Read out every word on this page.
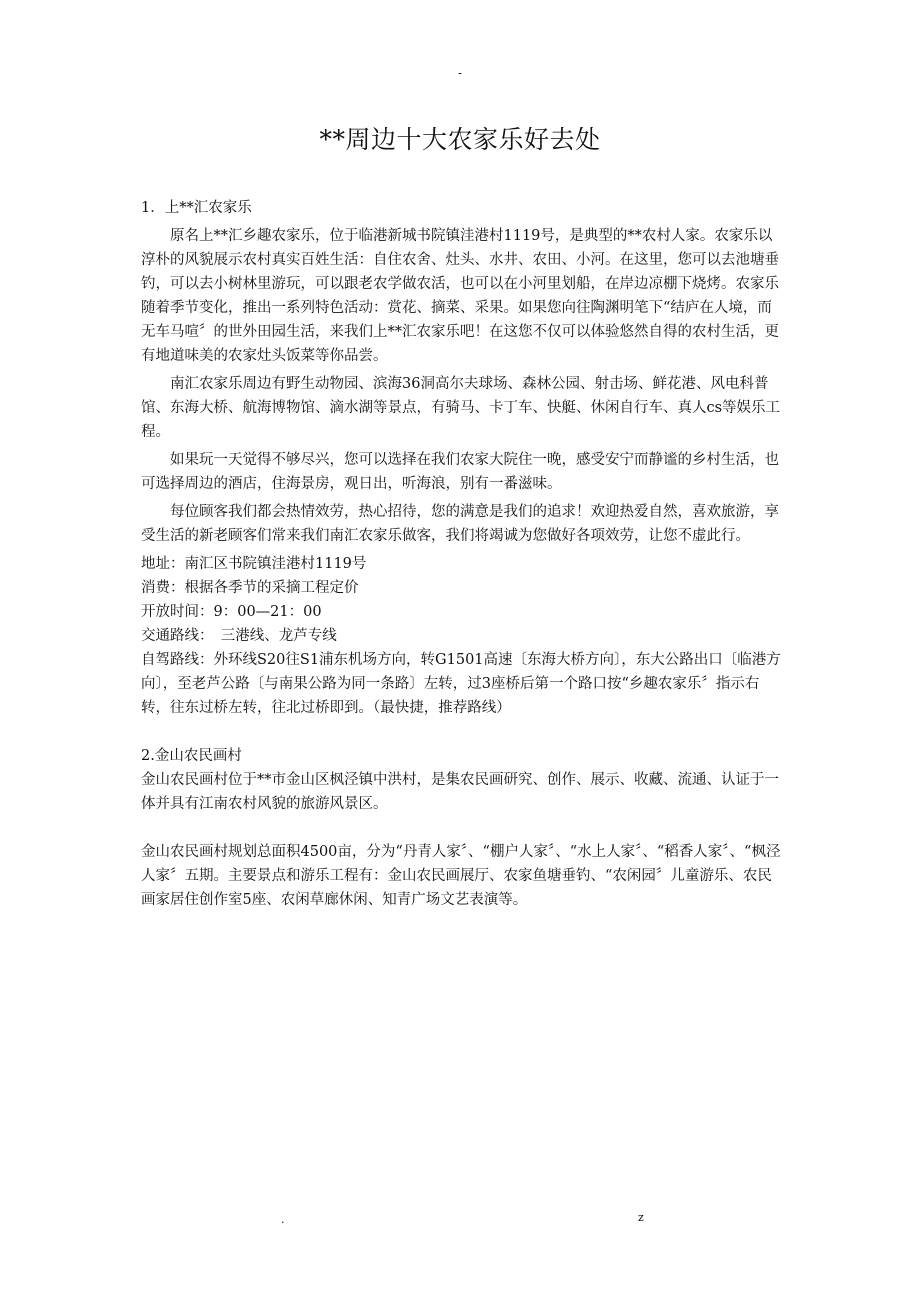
-
**周边十大农家乐好去处

1．上**汇农家乐

原名上**汇乡趣农家乐，位于临港新城书院镇洼港村1119号，是典型的**农村人家。农家乐以淳朴的风貌展示农村真实百姓生活：自住农舍、灶头、水井、农田、小河。在这里，您可以去池塘垂钓，可以去小树林里游玩，可以跟老农学做农活，也可以在小河里划船，在岸边凉棚下烧烤。农家乐随着季节变化，推出一系列特色活动：赏花、摘菜、采果。如果您向往陶渊明笔下“结庐在人境，而无车马喧〞的世外田园生活，来我们上**汇农家乐吧！在这您不仅可以体验悠然自得的农村生活，更有地道味美的农家灶头饭菜等你品尝。

南汇农家乐周边有野生动物园、滨海36洞高尔夫球场、森林公园、射击场、鲜花港、风电科普馆、东海大桥、航海博物馆、滴水湖等景点，有骑马、卡丁车、快艇、休闲自行车、真人cs等娱乐工程。

如果玩一天觉得不够尽兴，您可以选择在我们农家大院住一晚，感受安宁而静谧的乡村生活，也可选择周边的酒店，住海景房，观日出，听海浪，别有一番滋味。

每位顾客我们都会热情效劳，热心招待，您的满意是我们的追求！欢迎热爱自然，喜欢旅游，享受生活的新老顾客们常来我们南汇农家乐做客，我们将竭诚为您做好各项效劳，让您不虚此行。

地址：南汇区书院镇洼港村1119号

消费：根据各季节的采摘工程定价

开放时间：9：00—21：00

交通路线：　三港线、龙芦专线

自驾路线：外环线S20往S1浦东机场方向，转G1501高速〔东海大桥方向〕，东大公路出口〔临港方向〕，至老芦公路〔与南果公路为同一条路〕左转，过3座桥后第一个路口按“乡趣农家乐〞指示右转，往东过桥左转，往北过桥即到。（最快捷，推荐路线）

2.金山农民画村

金山农民画村位于**市金山区枫泾镇中洪村，是集农民画研究、创作、展示、收藏、流通、认证于一体并具有江南农村风貌的旅游风景区。

金山农民画村规划总面积4500亩，分为“丹青人家〞、“棚户人家〞、“水上人家〞、“稻香人家〞、“枫泾人家〞五期。主要景点和游乐工程有：金山农民画展厅、农家鱼塘垂钓、“农闲园〞儿童游乐、农民画家居住创作室5座、农闲草廊休闲、知青广场文艺表演等。

.	z
